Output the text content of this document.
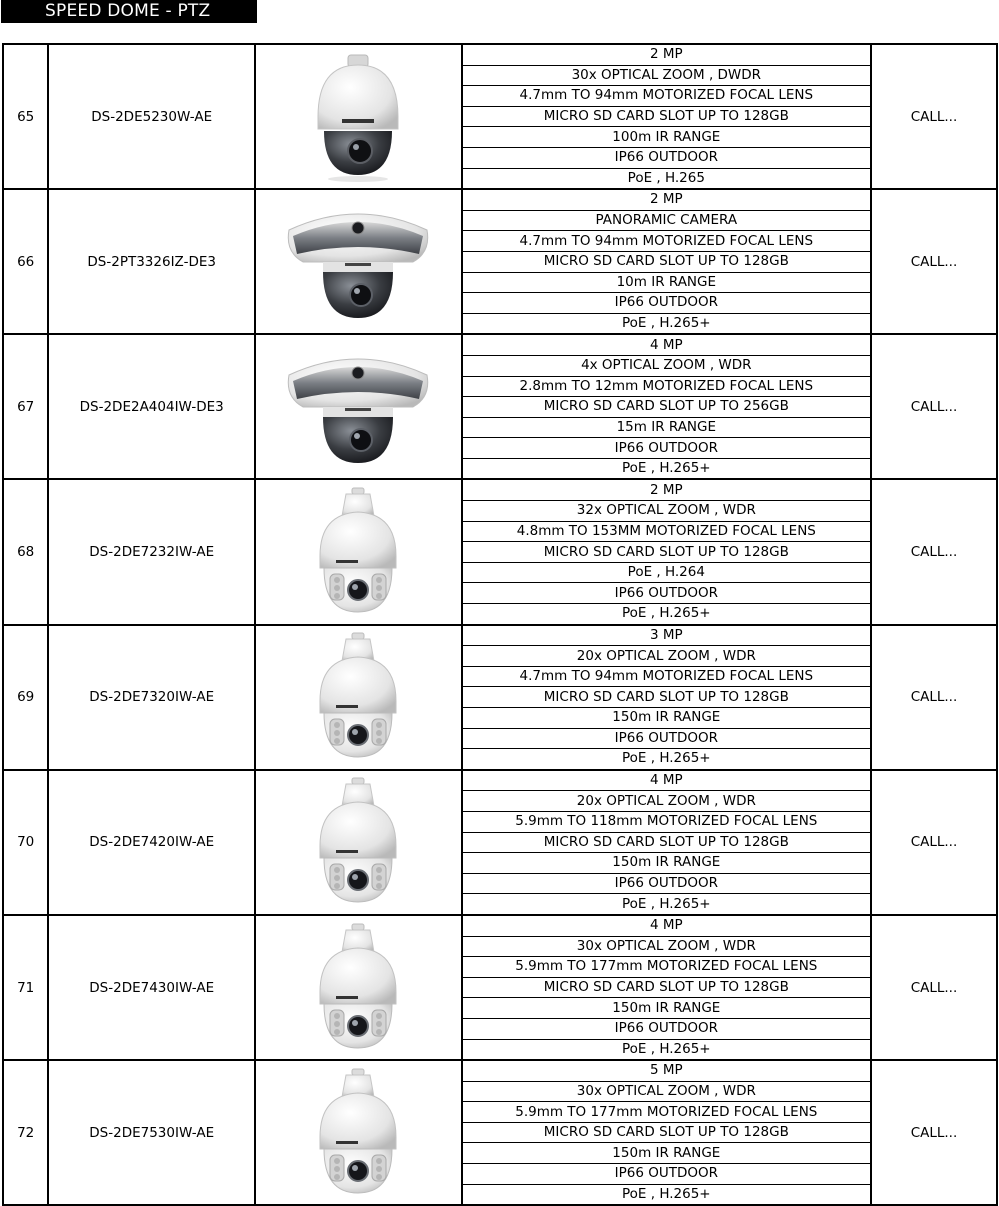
SPEED DOME - PTZ
65	DS-2DE5230W-AE		2 MP	CALL...
			30x OPTICAL ZOOM , DWDR	
			4.7mm TO 94mm MOTORIZED FOCAL LENS	
			MICRO SD CARD SLOT UP TO 128GB	
			100m IR RANGE	
			IP66 OUTDOOR	
			PoE , H.265	
66	DS-2PT3326IZ-DE3		2 MP	CALL...
			PANORAMIC CAMERA	
			4.7mm TO 94mm MOTORIZED FOCAL LENS	
			MICRO SD CARD SLOT UP TO 128GB	
			10m IR RANGE	
			IP66 OUTDOOR	
			PoE , H.265+	
67	DS-2DE2A404IW-DE3		4 MP	CALL...
			4x OPTICAL ZOOM , WDR	
			2.8mm TO 12mm MOTORIZED FOCAL LENS	
			MICRO SD CARD SLOT UP TO 256GB	
			15m IR RANGE	
			IP66 OUTDOOR	
			PoE , H.265+	
68	DS-2DE7232IW-AE		2 MP	CALL...
			32x OPTICAL ZOOM , WDR	
			4.8mm TO 153MM MOTORIZED FOCAL LENS	
			MICRO SD CARD SLOT UP TO 128GB	
			PoE , H.264	
			IP66 OUTDOOR	
			PoE , H.265+	
69	DS-2DE7320IW-AE		3 MP	CALL...
			20x OPTICAL ZOOM , WDR	
			4.7mm TO 94mm MOTORIZED FOCAL LENS	
			MICRO SD CARD SLOT UP TO 128GB	
			150m IR RANGE	
			IP66 OUTDOOR	
			PoE , H.265+	
70	DS-2DE7420IW-AE		4 MP	CALL...
			20x OPTICAL ZOOM , WDR	
			5.9mm TO 118mm MOTORIZED FOCAL LENS	
			MICRO SD CARD SLOT UP TO 128GB	
			150m IR RANGE	
			IP66 OUTDOOR	
			PoE , H.265+	
71	DS-2DE7430IW-AE		4 MP	CALL...
			30x OPTICAL ZOOM , WDR	
			5.9mm TO 177mm MOTORIZED FOCAL LENS	
			MICRO SD CARD SLOT UP TO 128GB	
			150m IR RANGE	
			IP66 OUTDOOR	
			PoE , H.265+	
72	DS-2DE7530IW-AE		5 MP	CALL...
			30x OPTICAL ZOOM , WDR	
			5.9mm TO 177mm MOTORIZED FOCAL LENS	
			MICRO SD CARD SLOT UP TO 128GB	
			150m IR RANGE	
			IP66 OUTDOOR	
			PoE , H.265+	
